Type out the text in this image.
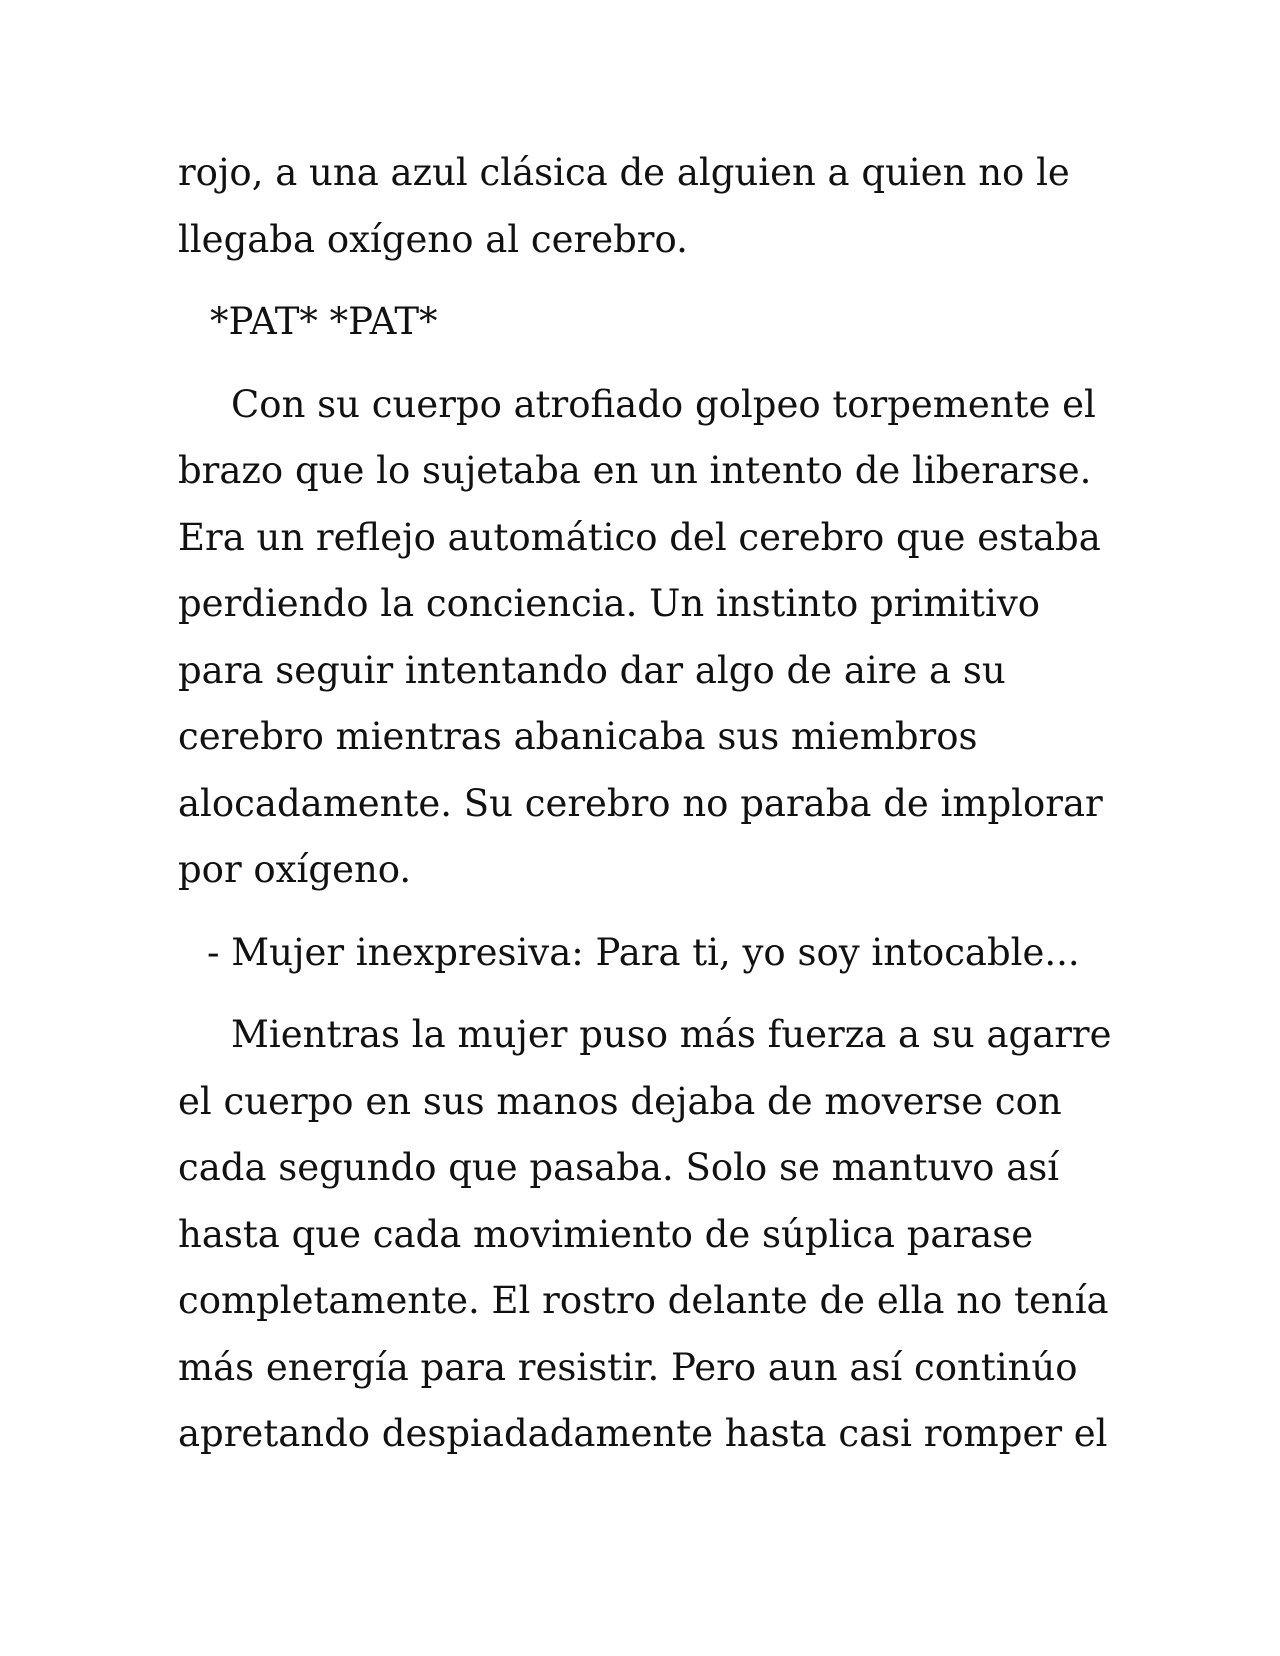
rojo, a una azul clásica de alguien a quien no le
llegaba oxígeno al cerebro.
*PAT* *PAT*
Con su cuerpo atrofiado golpeo torpemente el
brazo que lo sujetaba en un intento de liberarse.
Era un reflejo automático del cerebro que estaba
perdiendo la conciencia. Un instinto primitivo
para seguir intentando dar algo de aire a su
cerebro mientras abanicaba sus miembros
alocadamente. Su cerebro no paraba de implorar
por oxígeno.
- Mujer inexpresiva: Para ti, yo soy intocable...
Mientras la mujer puso más fuerza a su agarre
el cuerpo en sus manos dejaba de moverse con
cada segundo que pasaba. Solo se mantuvo así
hasta que cada movimiento de súplica parase
completamente. El rostro delante de ella no tenía
más energía para resistir. Pero aun así continúo
apretando despiadadamente hasta casi romper el
